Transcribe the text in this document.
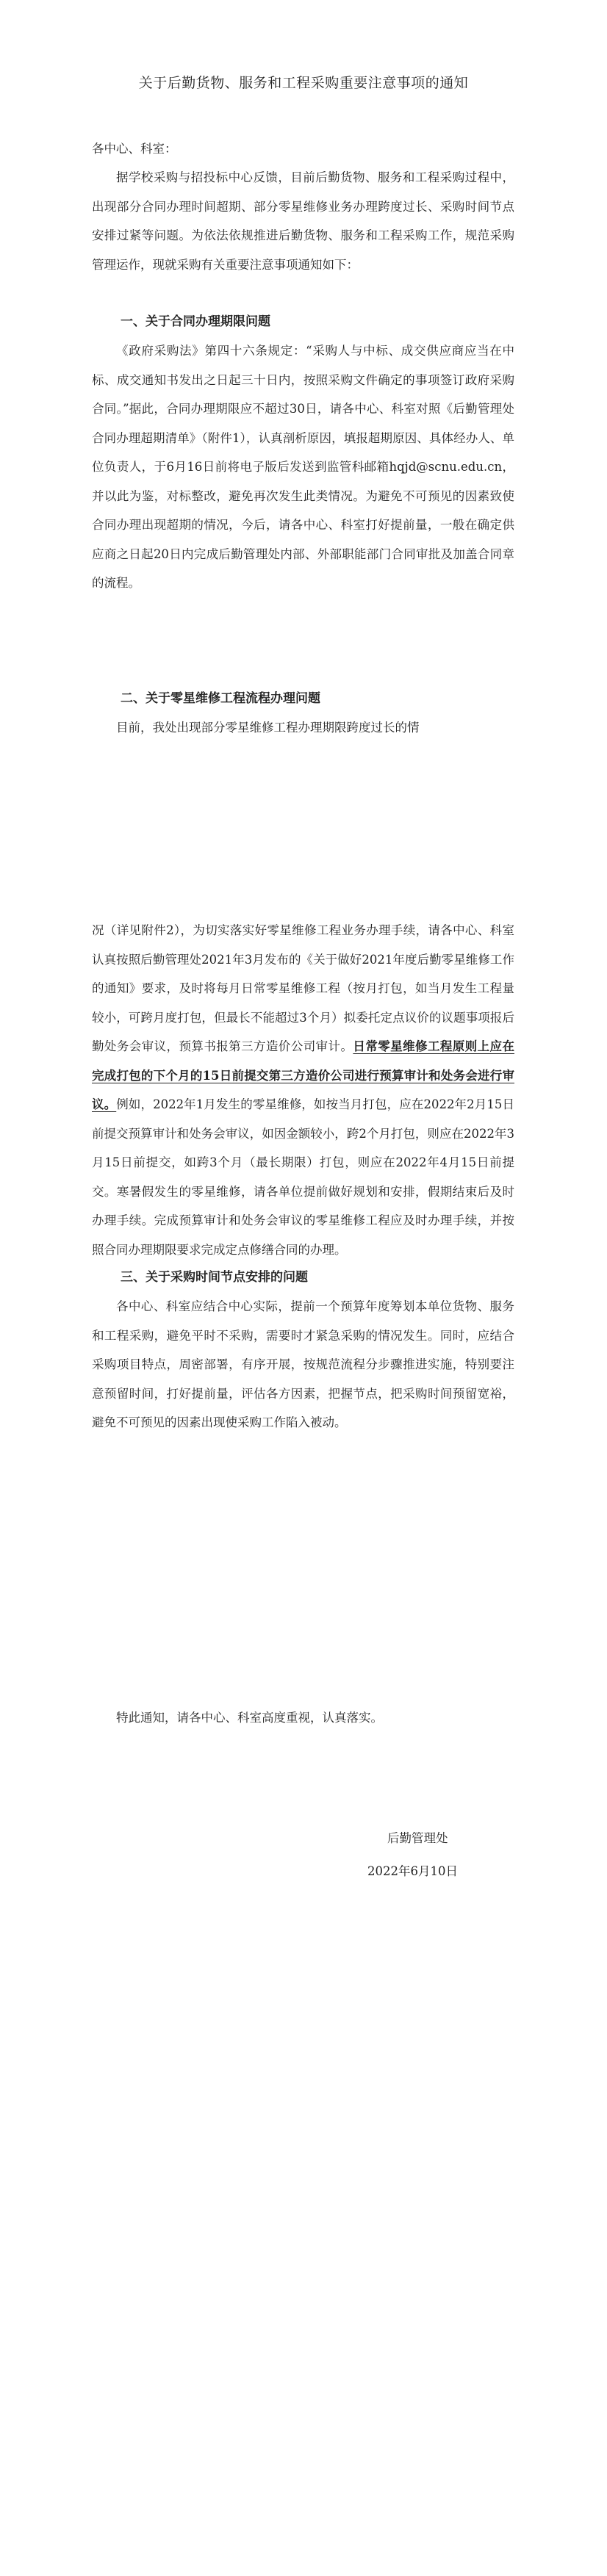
关于后勤货物、服务和工程采购重要注意事项的通知

各中心、科室：

据学校采购与招投标中心反馈，目前后勤货物、服务和工程采购过程中，出现部分合同办理时间超期、部分零星维修业务办理跨度过长、采购时间节点安排过紧等问题。为依法依规推进后勤货物、服务和工程采购工作，规范采购管理运作，现就采购有关重要注意事项通知如下：

一、关于合同办理期限问题

《政府采购法》第四十六条规定：“采购人与中标、成交供应商应当在中标、成交通知书发出之日起三十日内，按照采购文件确定的事项签订政府采购合同。”据此，合同办理期限应不超过30日，请各中心、科室对照《后勤管理处合同办理超期清单》（附件1），认真剖析原因，填报超期原因、具体经办人、单位负责人，于6月16日前将电子版后发送到监管科邮箱hqjd@scnu.edu.cn，并以此为鉴，对标整改，避免再次发生此类情况。为避免不可预见的因素致使合同办理出现超期的情况，今后，请各中心、科室打好提前量，一般在确定供应商之日起20日内完成后勤管理处内部、外部职能部门合同审批及加盖合同章的流程。

二、关于零星维修工程流程办理问题

目前，我处出现部分零星维修工程办理期限跨度过长的情

况（详见附件2），为切实落实好零星维修工程业务办理手续，请各中心、科室认真按照后勤管理处2021年3月发布的《关于做好2021年度后勤零星维修工作的通知》要求，及时将每月日常零星维修工程（按月打包，如当月发生工程量较小，可跨月度打包，但最长不能超过3个月）拟委托定点议价的议题事项报后勤处务会审议，预算书报第三方造价公司审计。日常零星维修工程原则上应在完成打包的下个月的15日前提交第三方造价公司进行预算审计和处务会进行审议。例如，2022年1月发生的零星维修，如按当月打包，应在2022年2月15日前提交预算审计和处务会审议，如因金额较小，跨2个月打包，则应在2022年3月15日前提交，如跨3个月（最长期限）打包，则应在2022年4月15日前提交。寒暑假发生的零星维修，请各单位提前做好规划和安排，假期结束后及时办理手续。完成预算审计和处务会审议的零星维修工程应及时办理手续，并按照合同办理期限要求完成定点修缮合同的办理。

三、关于采购时间节点安排的问题

各中心、科室应结合中心实际，提前一个预算年度筹划本单位货物、服务和工程采购，避免平时不采购，需要时才紧急采购的情况发生。同时，应结合采购项目特点，周密部署，有序开展，按规范流程分步骤推进实施，特别要注意预留时间，打好提前量，评估各方因素，把握节点，把采购时间预留宽裕，避免不可预见的因素出现使采购工作陷入被动。

特此通知，请各中心、科室高度重视，认真落实。

后勤管理处
2022年6月10日
